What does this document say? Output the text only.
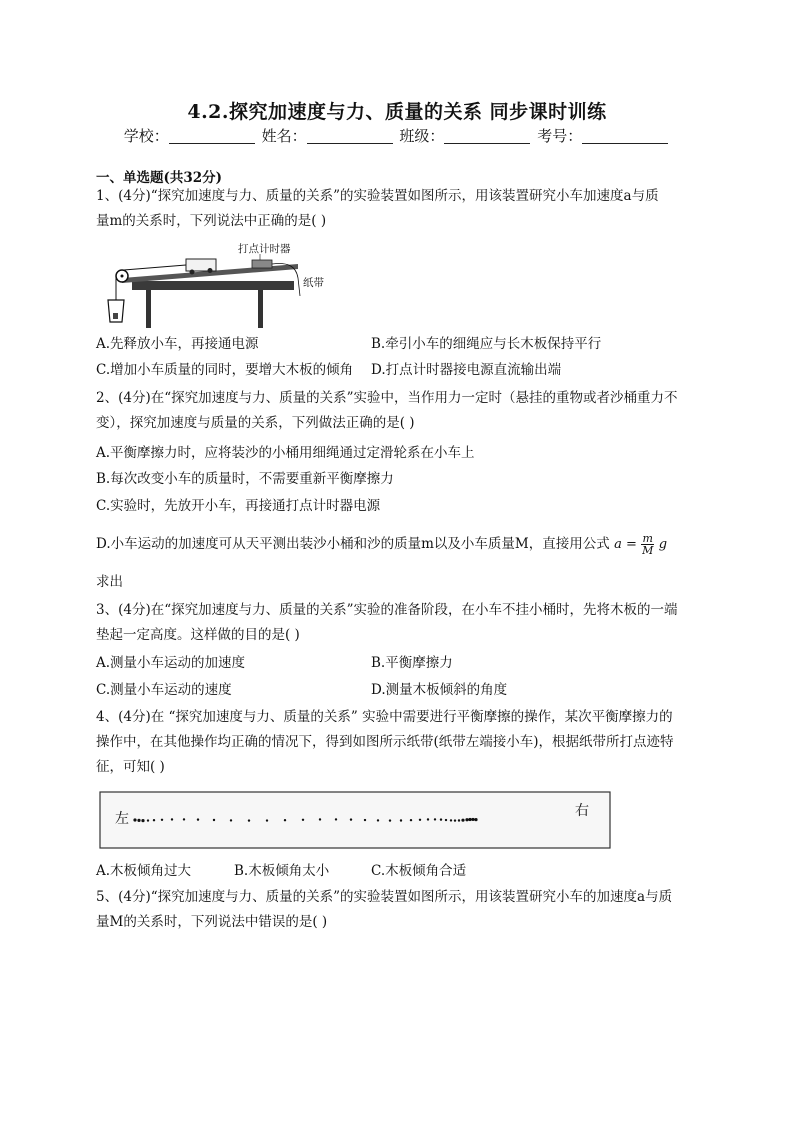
4.2.探究加速度与力、质量的关系 同步课时训练
学校：	姓名：	班级：	考号：
一、单选题(共32分)
1、(4分)“探究加速度与力、质量的关系”的实验装置如图所示，用该装置研究小车加速度a与质
量m的关系时，下列说法中正确的是( )
打点计时器
纸带
A.先释放小车，再接通电源	B.牵引小车的细绳应与长木板保持平行
C.增加小车质量的同时，要增大木板的倾角 D.打点计时器接电源直流输出端
2、(4分)在“探究加速度与力、质量的关系”实验中，当作用力一定时（悬挂的重物或者沙桶重力不
变），探究加速度与质量的关系，下列做法正确的是( )
A.平衡摩擦力时，应将装沙的小桶用细绳通过定滑轮系在小车上
B.每次改变小车的质量时，不需要重新平衡摩擦力
C.实验时，先放开小车，再接通打点计时器电源
D.小车运动的加速度可从天平测出装沙小桶和沙的质量m以及小车质量M，直接用公式 $a = \frac{m}{M}$ g
求出
3、(4分)在“探究加速度与力、质量的关系”实验的准备阶段，在小车不挂小桶时，先将木板的一端
垫起一定高度。这样做的目的是( )
A.测量小车运动的加速度	B.平衡摩擦力
C.测量小车运动的速度	D.测量木板倾斜的角度
4、(4分)在 “探究加速度与力、质量的关系” 实验中需要进行平衡摩擦的操作，某次平衡摩擦力的
操作中，在其他操作均正确的情况下，得到如图所示纸带(纸带左端接小车)，根据纸带所打点迹特
征，可知( )
左	右
A.木板倾角过大	B.木板倾角太小	C.木板倾角合适
5、(4分)“探究加速度与力、质量的关系”的实验装置如图所示，用该装置研究小车的加速度a与质
量M的关系时，下列说法中错误的是( )
